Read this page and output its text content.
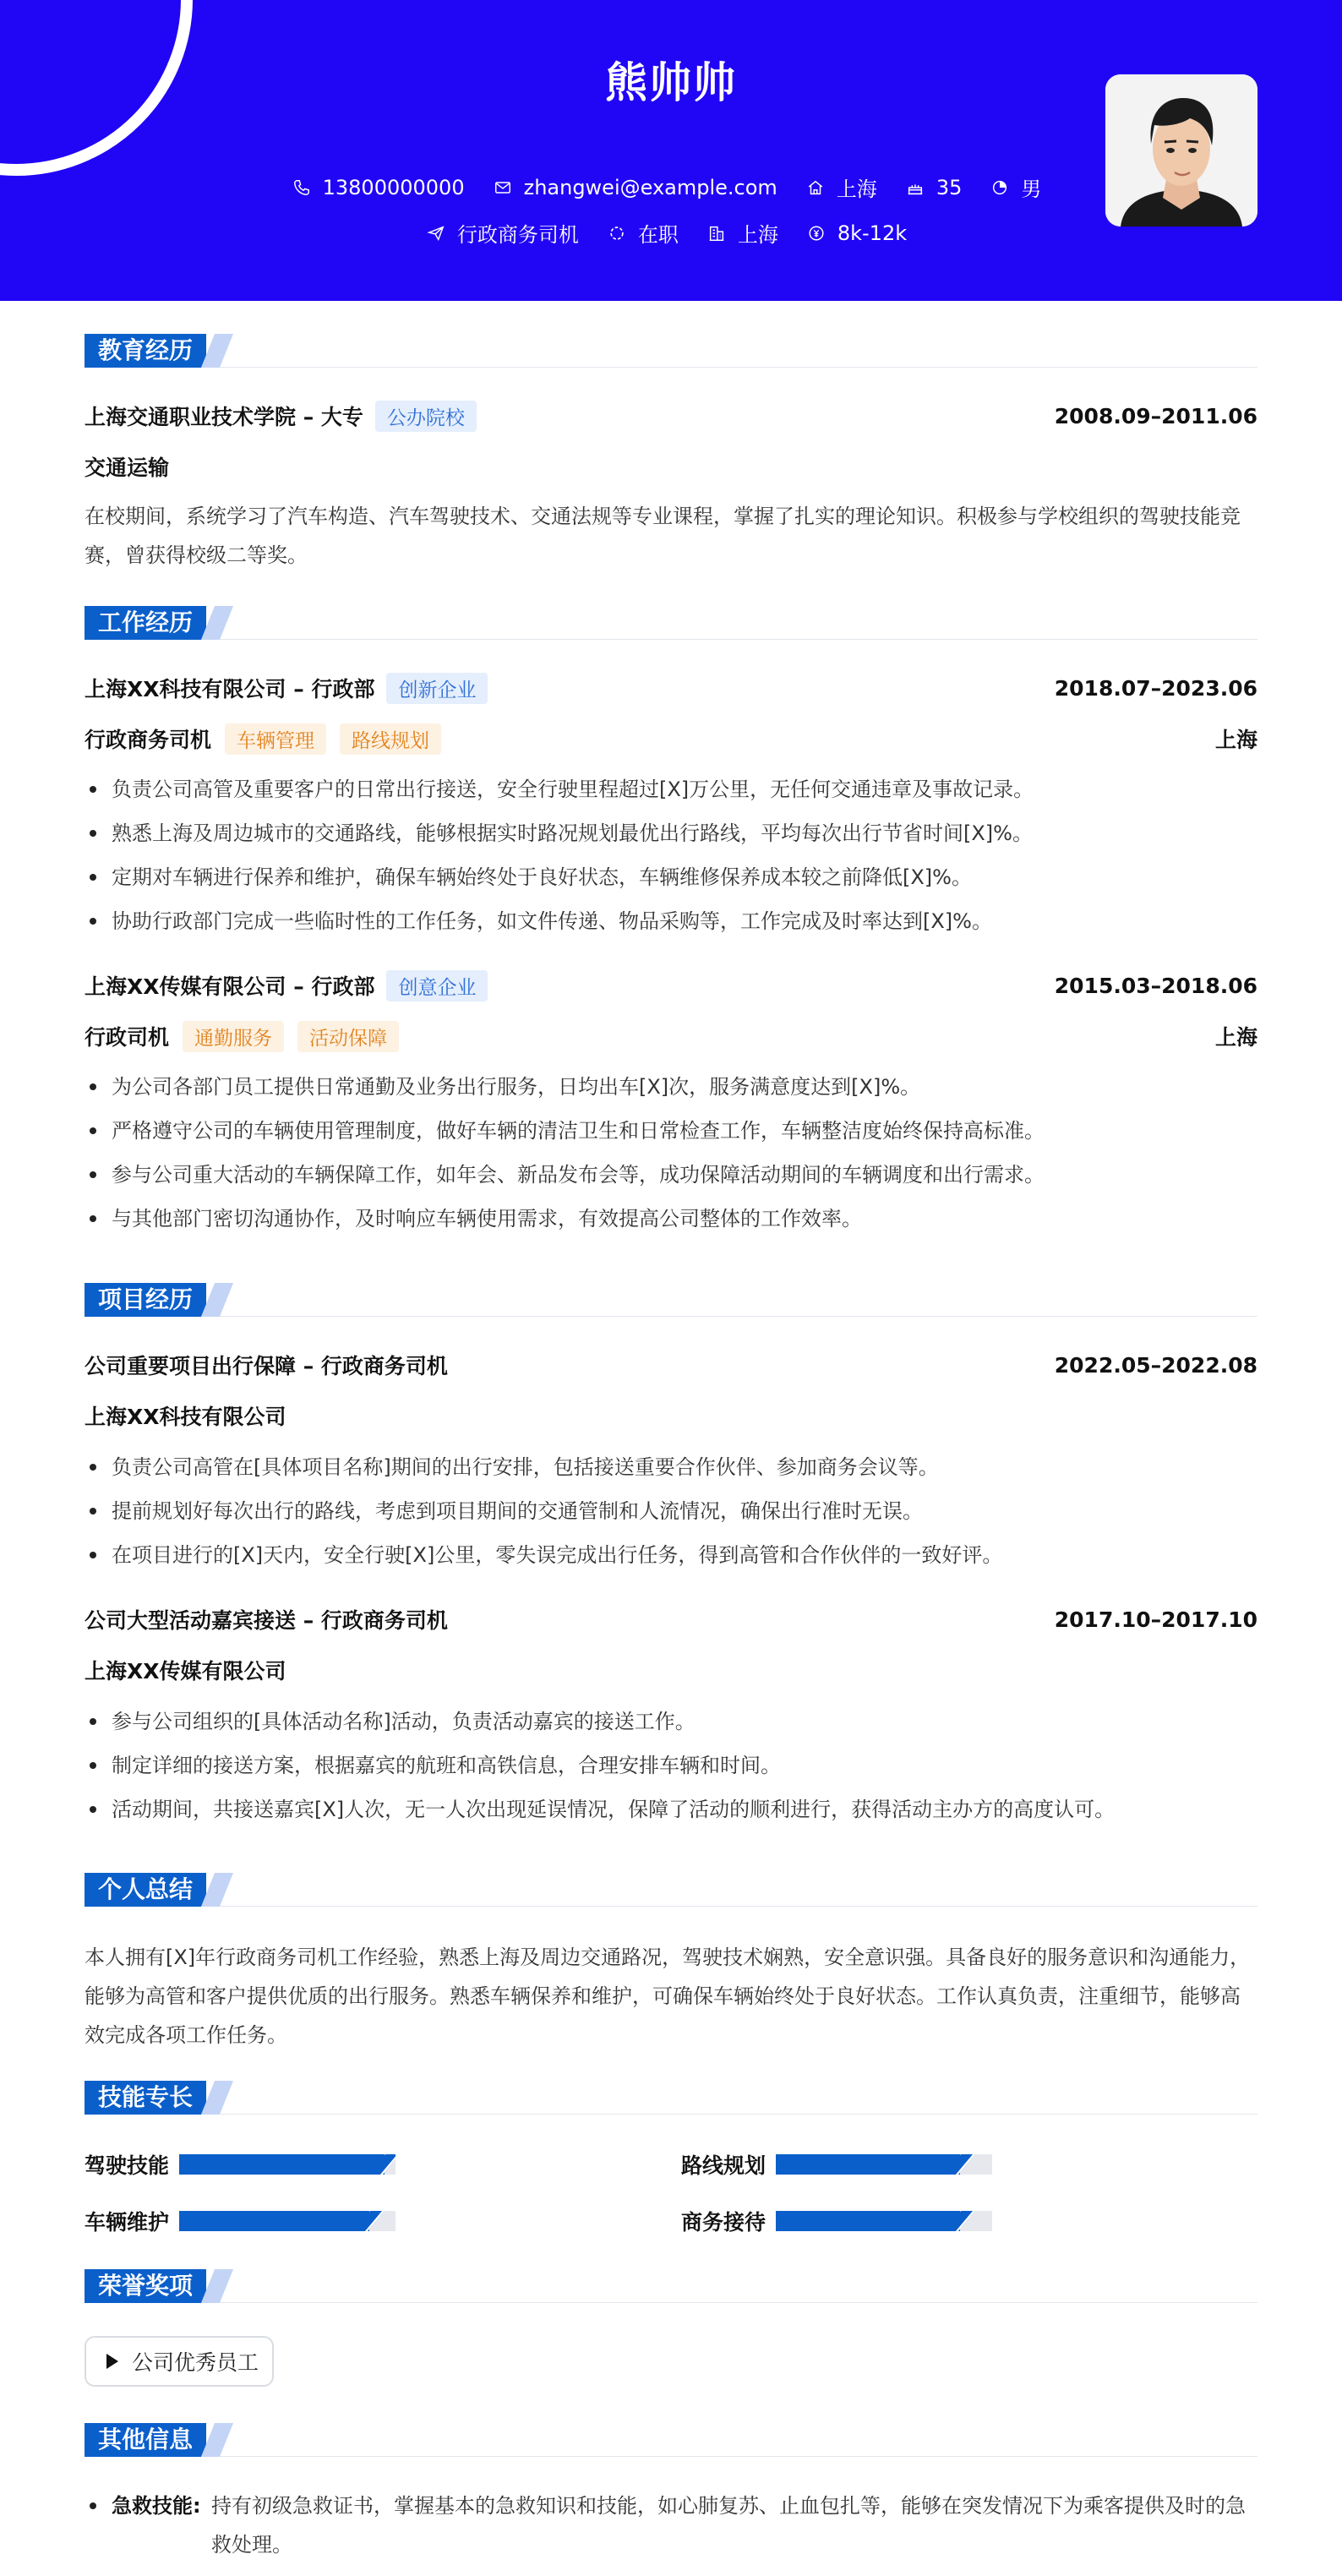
熊帅帅
13800000000	zhangwei@example.com	上海	35	男
行政商务司机	在职	上海	8k-12k
教育经历
上海交通职业技术学院 – 大专	公办院校	2008.09–2011.06
交通运输
在校期间，系统学习了汽车构造、汽车驾驶技术、交通法规等专业课程，掌握了扎实的理论知识。积极参与学校组织的驾驶技能竞
赛，曾获得校级二等奖。
工作经历
上海XX科技有限公司 – 行政部	创新企业	2018.07–2023.06
行政商务司机	车辆管理	路线规划	上海
负责公司高管及重要客户的日常出行接送，安全行驶里程超过[X]万公里，无任何交通违章及事故记录。
熟悉上海及周边城市的交通路线，能够根据实时路况规划最优出行路线，平均每次出行节省时间[X]%。
定期对车辆进行保养和维护，确保车辆始终处于良好状态，车辆维修保养成本较之前降低[X]%。
协助行政部门完成一些临时性的工作任务，如文件传递、物品采购等，工作完成及时率达到[X]%。
上海XX传媒有限公司 – 行政部	创意企业	2015.03–2018.06
行政司机	通勤服务	活动保障	上海
为公司各部门员工提供日常通勤及业务出行服务，日均出车[X]次，服务满意度达到[X]%。
严格遵守公司的车辆使用管理制度，做好车辆的清洁卫生和日常检查工作，车辆整洁度始终保持高标准。
参与公司重大活动的车辆保障工作，如年会、新品发布会等，成功保障活动期间的车辆调度和出行需求。
与其他部门密切沟通协作，及时响应车辆使用需求，有效提高公司整体的工作效率。
项目经历
公司重要项目出行保障 – 行政商务司机	2022.05–2022.08
上海XX科技有限公司
负责公司高管在[具体项目名称]期间的出行安排，包括接送重要合作伙伴、参加商务会议等。
提前规划好每次出行的路线，考虑到项目期间的交通管制和人流情况，确保出行准时无误。
在项目进行的[X]天内，安全行驶[X]公里，零失误完成出行任务，得到高管和合作伙伴的一致好评。
公司大型活动嘉宾接送 – 行政商务司机	2017.10–2017.10
上海XX传媒有限公司
参与公司组织的[具体活动名称]活动，负责活动嘉宾的接送工作。
制定详细的接送方案，根据嘉宾的航班和高铁信息，合理安排车辆和时间。
活动期间，共接送嘉宾[X]人次，无一人次出现延误情况，保障了活动的顺利进行，获得活动主办方的高度认可。
个人总结
本人拥有[X]年行政商务司机工作经验，熟悉上海及周边交通路况，驾驶技术娴熟，安全意识强。具备良好的服务意识和沟通能力，
能够为高管和客户提供优质的出行服务。熟悉车辆保养和维护，可确保车辆始终处于良好状态。工作认真负责，注重细节，能够高
效完成各项工作任务。
技能专长
驾驶技能	路线规划
车辆维护	商务接待
荣誉奖项
公司优秀员工
其他信息
急救技能: 持有初级急救证书，掌握基本的急救知识和技能，如心肺复苏、止血包扎等，能够在突发情况下为乘客提供及时的急
救处理。
